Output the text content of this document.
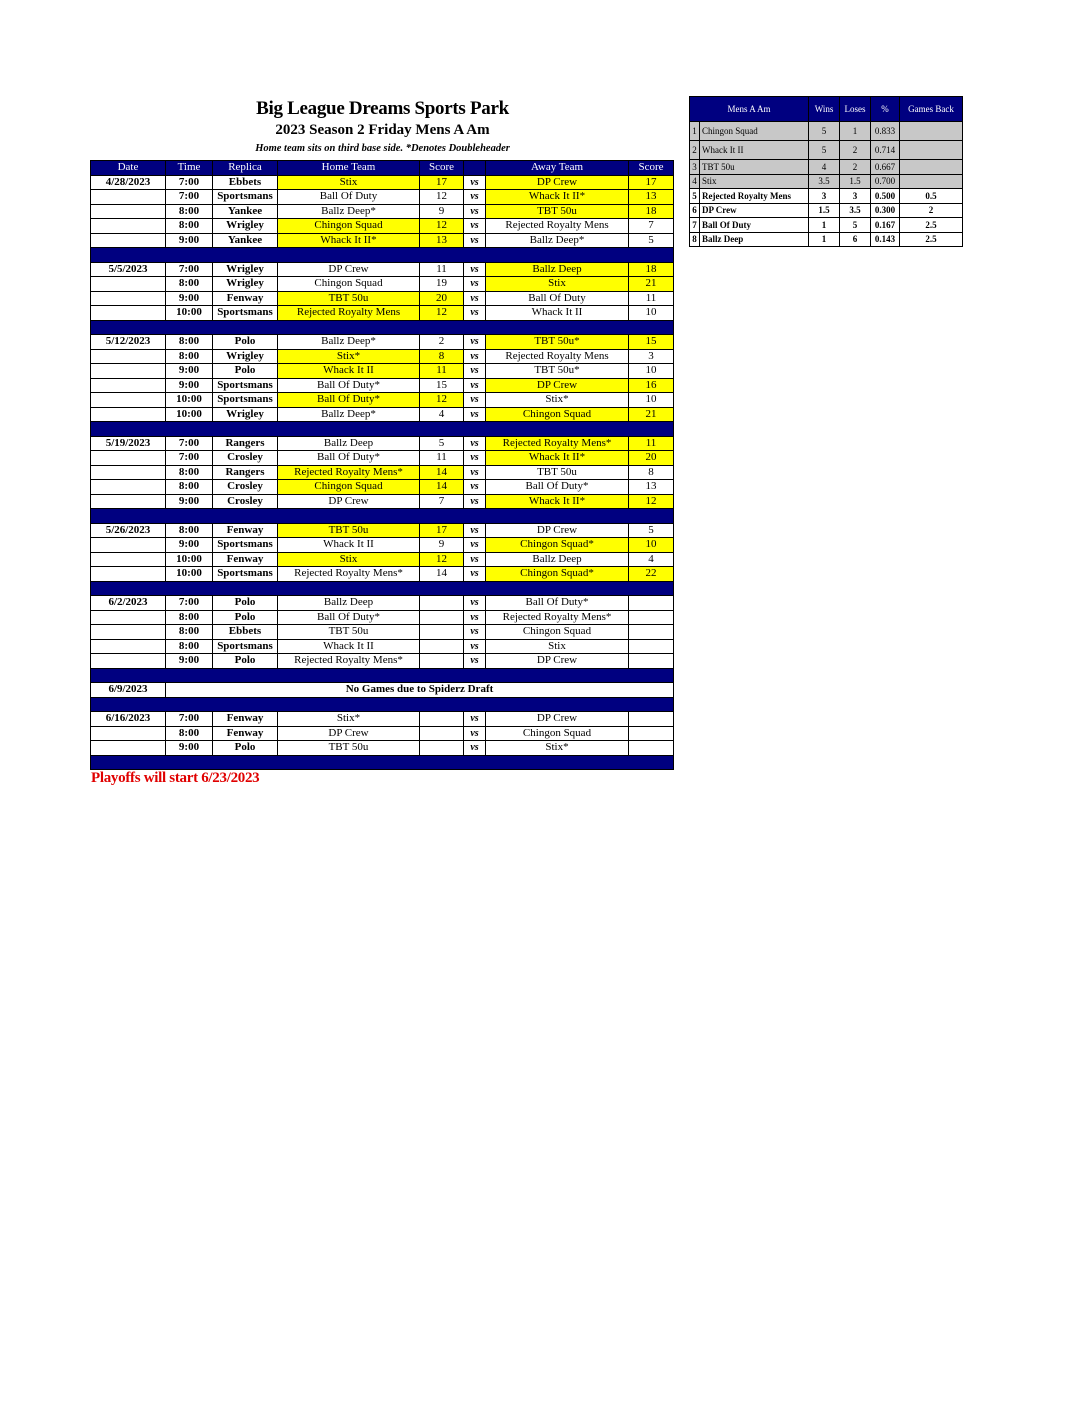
Big League Dreams Sports Park
2023 Season 2 Friday Mens A Am
Home team sits on third base side. *Denotes Doubleheader
Date	Time	Replica	Home Team	Score		Away Team	Score
4/28/2023	7:00	Ebbets	Stix	17	vs	DP Crew	17
	7:00	Sportsmans	Ball Of Duty	12	vs	Whack It II*	13
	8:00	Yankee	Ballz Deep*	9	vs	TBT 50u	18
	8:00	Wrigley	Chingon Squad	12	vs	Rejected Royalty Mens	7
	9:00	Yankee	Whack It II*	13	vs	Ballz Deep*	5

5/5/2023	7:00	Wrigley	DP Crew	11	vs	Ballz Deep	18
	8:00	Wrigley	Chingon Squad	19	vs	Stix	21
	9:00	Fenway	TBT 50u	20	vs	Ball Of Duty	11
	10:00	Sportsmans	Rejected Royalty Mens	12	vs	Whack It II	10

5/12/2023	8:00	Polo	Ballz Deep*	2	vs	TBT 50u*	15
	8:00	Wrigley	Stix*	8	vs	Rejected Royalty Mens	3
	9:00	Polo	Whack It II	11	vs	TBT 50u*	10
	9:00	Sportsmans	Ball Of Duty*	15	vs	DP Crew	16
	10:00	Sportsmans	Ball Of Duty*	12	vs	Stix*	10
	10:00	Wrigley	Ballz Deep*	4	vs	Chingon Squad	21

5/19/2023	7:00	Rangers	Ballz Deep	5	vs	Rejected Royalty Mens*	11
	7:00	Crosley	Ball Of Duty*	11	vs	Whack It II*	20
	8:00	Rangers	Rejected Royalty Mens*	14	vs	TBT 50u	8
	8:00	Crosley	Chingon Squad	14	vs	Ball Of Duty*	13
	9:00	Crosley	DP Crew	7	vs	Whack It II*	12

5/26/2023	8:00	Fenway	TBT 50u	17	vs	DP Crew	5
	9:00	Sportsmans	Whack It II	9	vs	Chingon Squad*	10
	10:00	Fenway	Stix	12	vs	Ballz Deep	4
	10:00	Sportsmans	Rejected Royalty Mens*	14	vs	Chingon Squad*	22

6/2/2023	7:00	Polo	Ballz Deep		vs	Ball Of Duty*	
	8:00	Polo	Ball Of Duty*		vs	Rejected Royalty Mens*	
	8:00	Ebbets	TBT 50u		vs	Chingon Squad	
	8:00	Sportsmans	Whack It II		vs	Stix	
	9:00	Polo	Rejected Royalty Mens*		vs	DP Crew	

6/9/2023	No Games due to Spiderz Draft						

6/16/2023	7:00	Fenway	Stix*		vs	DP Crew	
	8:00	Fenway	DP Crew		vs	Chingon Squad	
	9:00	Polo	TBT 50u		vs	Stix*	

Mens A Am		Wins	Loses	%	Games Back
1	Chingon Squad	5	1	0.833	
2	Whack It II	5	2	0.714	
3	TBT 50u	4	2	0.667	
4	Stix	3.5	1.5	0.700	
5	Rejected Royalty Mens	3	3	0.500	0.5
6	DP Crew	1.5	3.5	0.300	2
7	Ball Of Duty	1	5	0.167	2.5
8	Ballz Deep	1	6	0.143	2.5
Playoffs will start 6/23/2023
